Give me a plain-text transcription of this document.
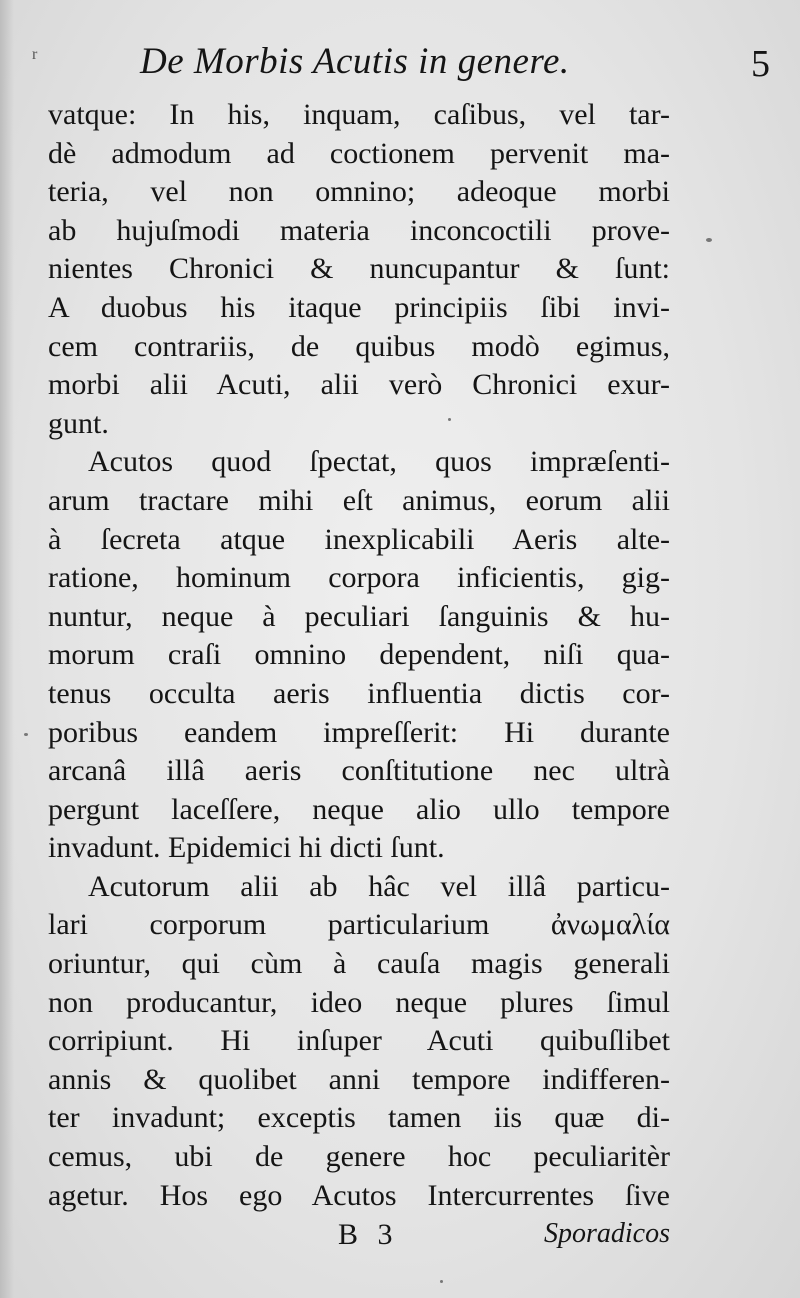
r	De Morbis Acutis in genere.	5
vatque: In his, inquam, caſibus, vel tar-
dè admodum ad coctionem pervenit ma-
teria, vel non omnino; adeoque morbi
ab hujuſmodi materia inconcoctili prove-
nientes Chronici & nuncupantur & ſunt:
A duobus his itaque principiis ſibi invi-
cem contrariis, de quibus modò egimus,
morbi alii Acuti, alii verò Chronici exur-
gunt.
Acutos quod ſpectat, quos impræſenti-
arum tractare mihi eſt animus, eorum alii
à ſecreta atque inexplicabili Aeris alte-
ratione, hominum corpora inficientis, gig-
nuntur, neque à peculiari ſanguinis & hu-
morum craſi omnino dependent, niſi qua-
tenus occulta aeris influentia dictis cor-
poribus eandem impreſſerit: Hi durante
arcanâ illâ aeris conſtitutione nec ultrà
pergunt laceſſere, neque alio ullo tempore
invadunt. Epidemici hi dicti ſunt.
Acutorum alii ab hâc vel illâ particu-
lari corporum particularium ἀνωμαλία
oriuntur, qui cùm à cauſa magis generali
non producantur, ideo neque plures ſimul
corripiunt. Hi inſuper Acuti quibuſlibet
annis & quolibet anni tempore indifferen-
ter invadunt; exceptis tamen iis quæ di-
cemus, ubi de genere hoc peculiaritèr
agetur. Hos ego Acutos Intercurrentes ſive
B 3	Sporadicos
